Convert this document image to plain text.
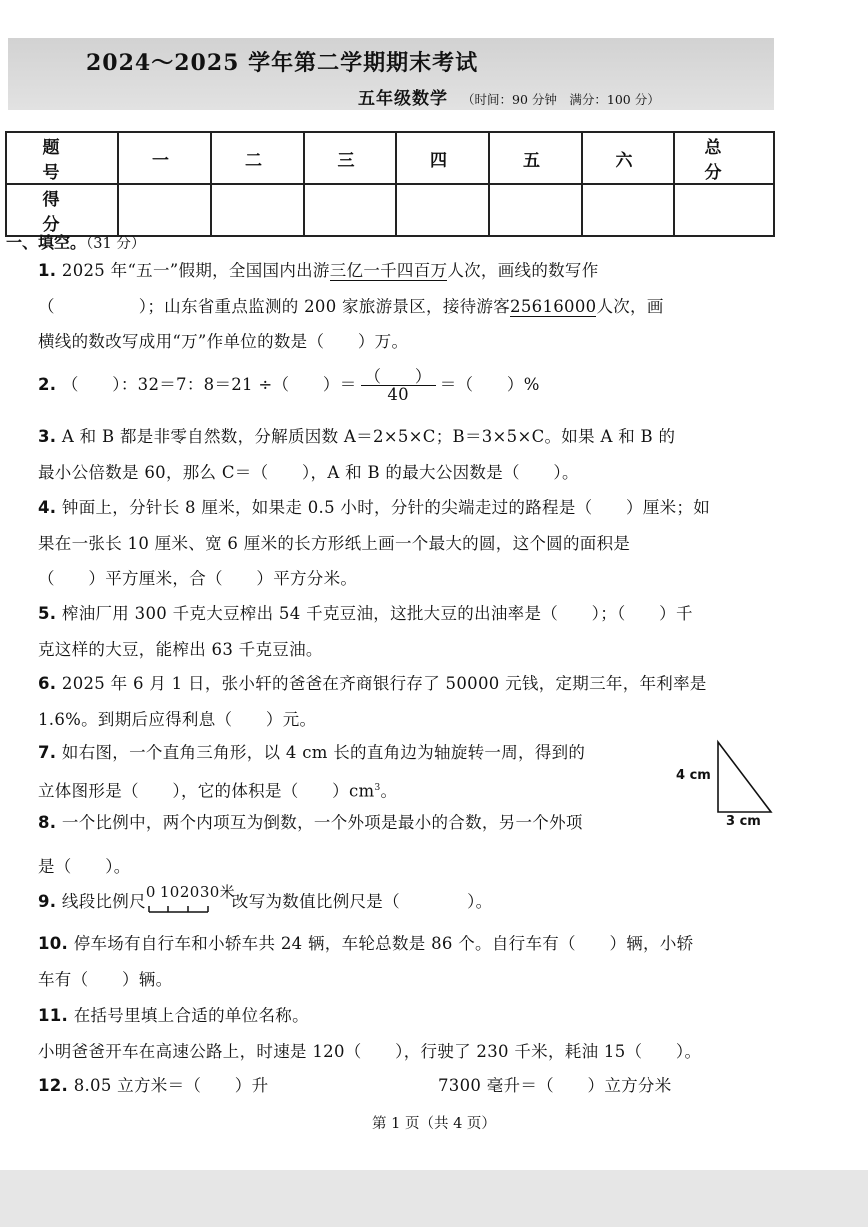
2024～2025 学年第二学期期末考试
五年级数学 （时间：90 分钟　满分：100 分）
题　号	一	二	三	四	五	六	总　分
得　分							
一、填空。（31 分）
1. 2025 年“五一”假期，全国国内出游三亿一千四百万人次，画线的数写作
（　　　　　）；山东省重点监测的 200 家旅游景区，接待游客25616000人次，画
横线的数改写成用“万”作单位的数是（　　）万。
2. （　　）：32＝7：8＝21 ÷（　　）＝ $\frac{( )}{40}$ ＝（　　）%
3. A 和 B 都是非零自然数，分解质因数 A＝2×5×C；B＝3×5×C。如果 A 和 B 的
最小公倍数是 60，那么 C＝（　　），A 和 B 的最大公因数是（　　）。
4. 钟面上，分针长 8 厘米，如果走 0.5 小时，分针的尖端走过的路程是（　　）厘米；如
果在一张长 10 厘米、宽 6 厘米的长方形纸上画一个最大的圆，这个圆的面积是
（　　）平方厘米，合（　　）平方分米。
5. 榨油厂用 300 千克大豆榨出 54 千克豆油，这批大豆的出油率是（　　）；（　　）千
克这样的大豆，能榨出 63 千克豆油。
6. 2025 年 6 月 1 日，张小轩的爸爸在齐商银行存了 50000 元钱，定期三年，年利率是
1.6%。到期后应得利息（　　）元。
7. 如右图，一个直角三角形，以 4 cm 长的直角边为轴旋转一周，得到的
立体图形是（　　），它的体积是（　　）$cm^3$。
4 cm
3 cm
8. 一个比例中，两个内项互为倒数，一个外项是最小的合数，另一个外项
是（　　）。
9. 线段比例尺
0 10 20 30米
改写为数值比例尺是（　　　　）。
10. 停车场有自行车和小轿车共 24 辆，车轮总数是 86 个。自行车有（　　）辆，小轿
车有（　　）辆。
11. 在括号里填上合适的单位名称。
小明爸爸开车在高速公路上，时速是 120（　　），行驶了 230 千米，耗油 15（　　）。
12. 8.05 立方米＝（　　）升	7300 毫升＝（　　）立方分米
第 1 页（共 4 页）
